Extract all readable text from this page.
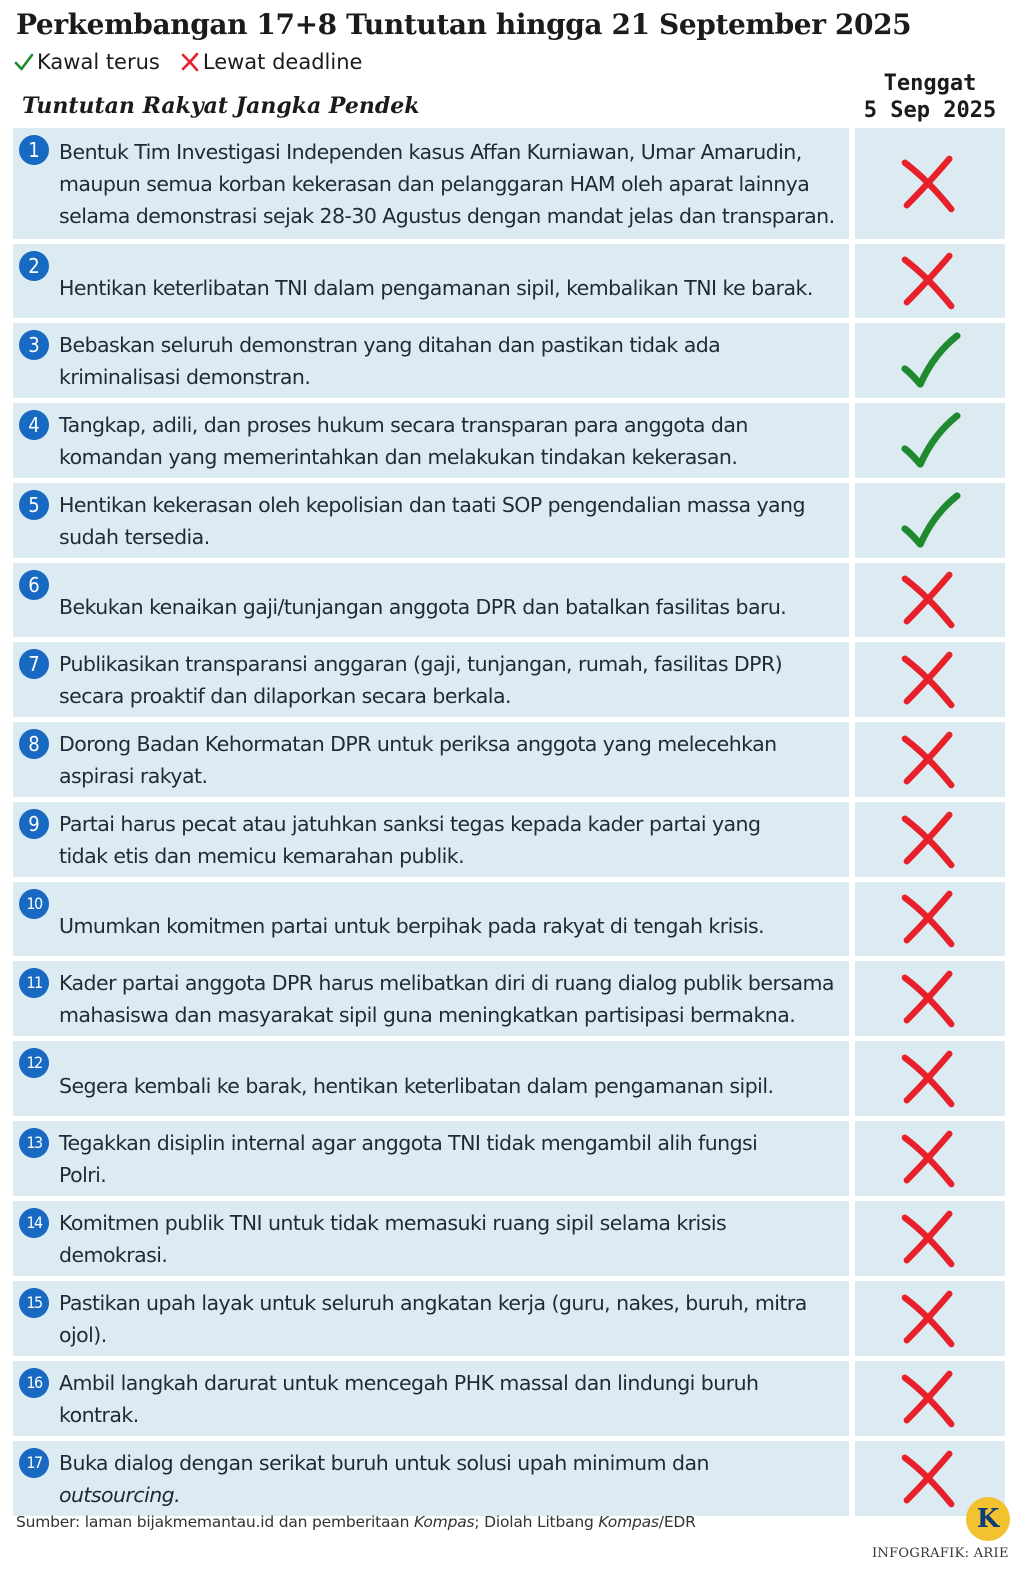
Perkembangan 17+8 Tuntutan hingga 21 September 2025
Kawal terus Lewat deadline
Tuntutan Rakyat Jangka Pendek
Tenggat
5 Sep 2025
1 Bentuk Tim Investigasi Independen kasus Affan Kurniawan, Umar Amarudin,
maupun semua korban kekerasan dan pelanggaran HAM oleh aparat lainnya
selama demonstrasi sejak 28-30 Agustus dengan mandat jelas dan transparan.
2
Hentikan keterlibatan TNI dalam pengamanan sipil, kembalikan TNI ke barak.
3 Bebaskan seluruh demonstran yang ditahan dan pastikan tidak ada
kriminalisasi demonstran.
4 Tangkap, adili, dan proses hukum secara transparan para anggota dan
komandan yang memerintahkan dan melakukan tindakan kekerasan.
5 Hentikan kekerasan oleh kepolisian dan taati SOP pengendalian massa yang
sudah tersedia.
6
Bekukan kenaikan gaji/tunjangan anggota DPR dan batalkan fasilitas baru.
7 Publikasikan transparansi anggaran (gaji, tunjangan, rumah, fasilitas DPR)
secara proaktif dan dilaporkan secara berkala.
8 Dorong Badan Kehormatan DPR untuk periksa anggota yang melecehkan
aspirasi rakyat.
9 Partai harus pecat atau jatuhkan sanksi tegas kepada kader partai yang
tidak etis dan memicu kemarahan publik.
10
Umumkan komitmen partai untuk berpihak pada rakyat di tengah krisis.
11 Kader partai anggota DPR harus melibatkan diri di ruang dialog publik bersama
mahasiswa dan masyarakat sipil guna meningkatkan partisipasi bermakna.
12
Segera kembali ke barak, hentikan keterlibatan dalam pengamanan sipil.
13 Tegakkan disiplin internal agar anggota TNI tidak mengambil alih fungsi
Polri.
14 Komitmen publik TNI untuk tidak memasuki ruang sipil selama krisis
demokrasi.
15 Pastikan upah layak untuk seluruh angkatan kerja (guru, nakes, buruh, mitra
ojol).
16 Ambil langkah darurat untuk mencegah PHK massal dan lindungi buruh
kontrak.
17 Buka dialog dengan serikat buruh untuk solusi upah minimum dan
outsourcing.
Sumber: laman bijakmemantau.id dan pemberitaan Kompas; Diolah Litbang Kompas/EDR	K
INFOGRAFIK: ARIE
